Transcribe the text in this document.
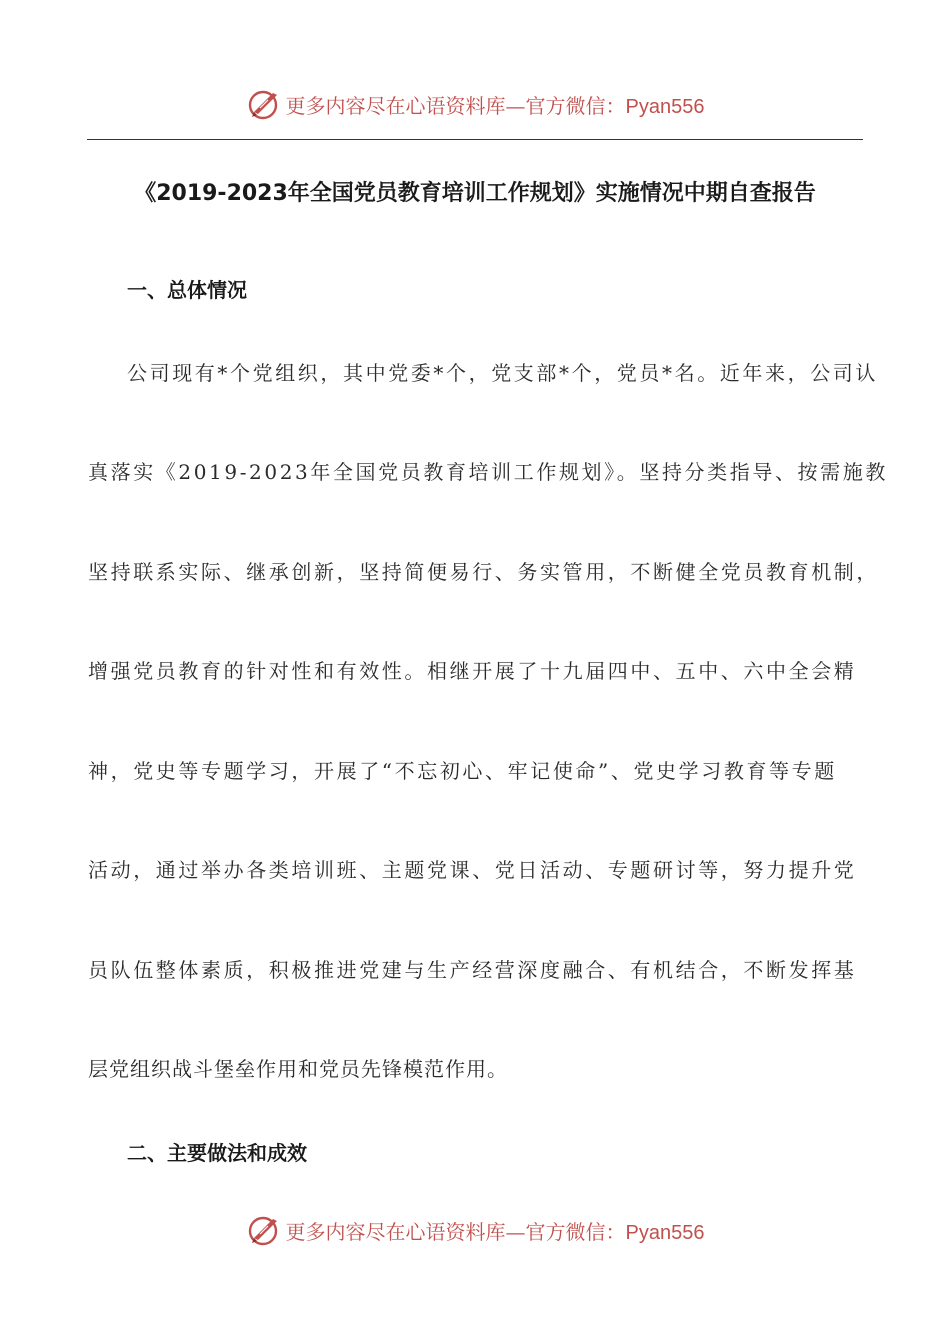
更多内容尽在心语资料库—官方微信：Pyan556
《2019-2023年全国党员教育培训工作规划》实施情况中期自查报告
一、总体情况
公司现有*个党组织，其中党委*个，党支部*个，党员*名。近年来，公司认
真落实《2019-2023年全国党员教育培训工作规划》。坚持分类指导、按需施教
坚持联系实际、继承创新，坚持简便易行、务实管用，不断健全党员教育机制，
增强党员教育的针对性和有效性。相继开展了十九届四中、五中、六中全会精
神，党史等专题学习，开展了“不忘初心、牢记使命”、党史学习教育等专题
活动，通过举办各类培训班、主题党课、党日活动、专题研讨等，努力提升党
员队伍整体素质，积极推进党建与生产经营深度融合、有机结合，不断发挥基
层党组织战斗堡垒作用和党员先锋模范作用。
二、主要做法和成效
更多内容尽在心语资料库—官方微信：Pyan556
